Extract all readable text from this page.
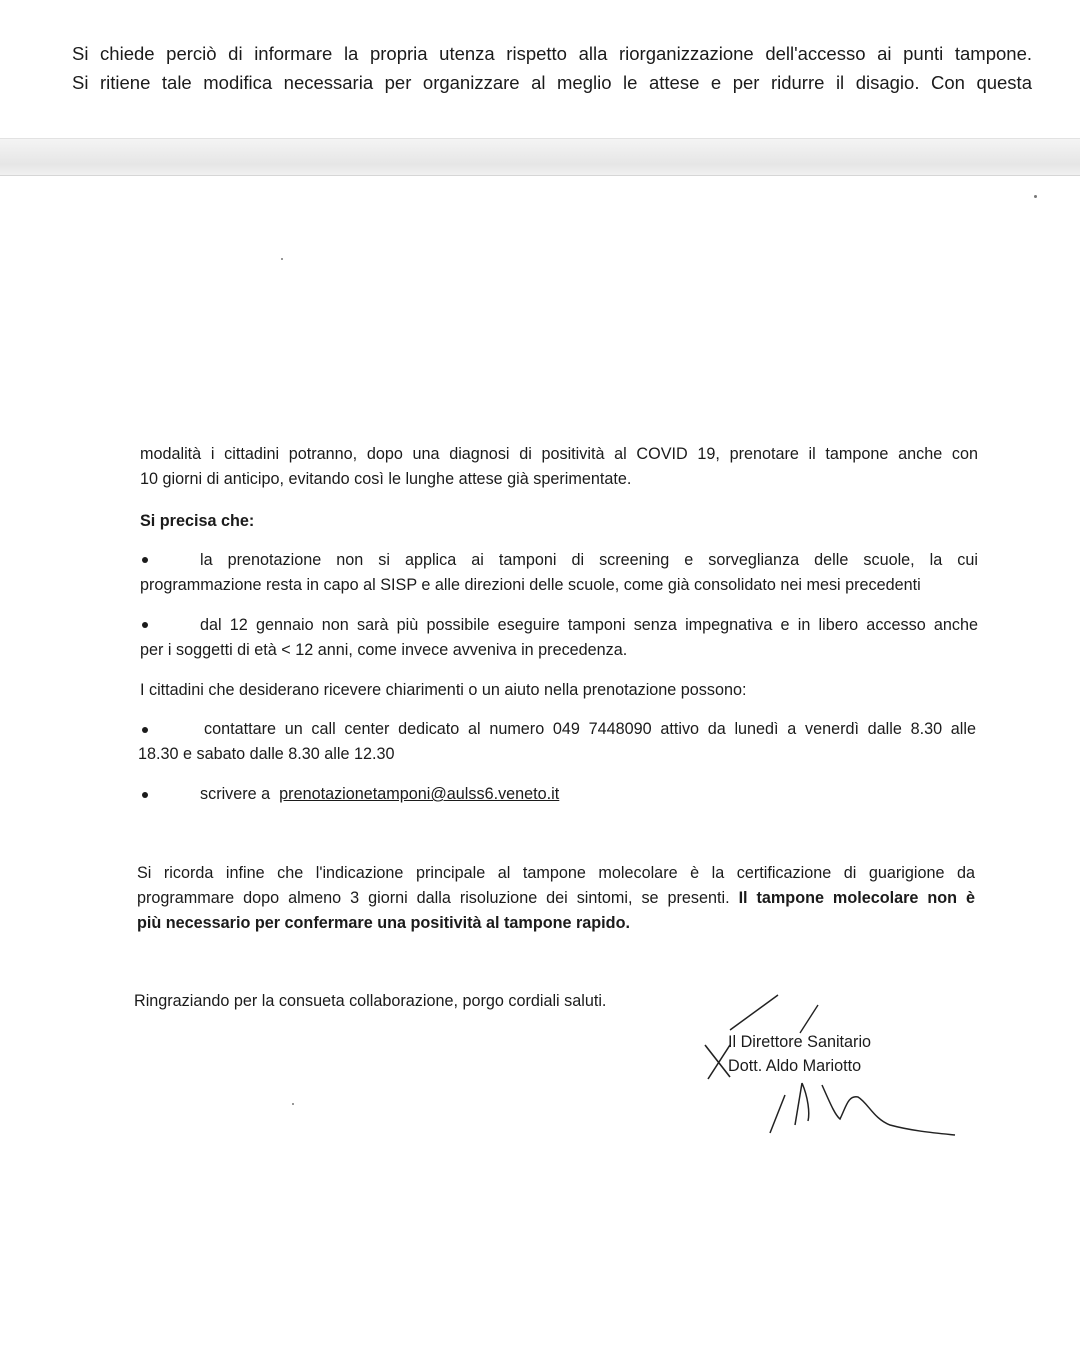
Si chiede perciò di informare la propria utenza rispetto alla riorganizzazione dell'accesso ai punti tampone.
Si ritiene tale modifica necessaria per organizzare al meglio le attese e per ridurre il disagio. Con questa
modalità i cittadini potranno, dopo una diagnosi di positività al COVID 19, prenotare il tampone anche con
10 giorni di anticipo, evitando così le lunghe attese già sperimentate.
Si precisa che:
la prenotazione non si applica ai tamponi di screening e sorveglianza delle scuole, la cui
programmazione resta in capo al SISP e alle direzioni delle scuole, come già consolidato nei mesi precedenti
dal 12 gennaio non sarà più possibile eseguire tamponi senza impegnativa e in libero accesso anche
per i soggetti di età < 12 anni, come invece avveniva in precedenza.
I cittadini che desiderano ricevere chiarimenti o un aiuto nella prenotazione possono:
contattare un call center dedicato al numero 049 7448090 attivo da lunedì a venerdì dalle 8.30 alle
18.30 e sabato dalle 8.30 alle 12.30
scrivere a prenotazionetamponi@aulss6.veneto.it
Si ricorda infine che l'indicazione principale al tampone molecolare è la certificazione di guarigione da
programmare dopo almeno 3 giorni dalla risoluzione dei sintomi, se presenti. Il tampone molecolare non è
più necessario per confermare una positività al tampone rapido.
Ringraziando per la consueta collaborazione, porgo cordiali saluti.
Il Direttore Sanitario
Dott. Aldo Mariotto
